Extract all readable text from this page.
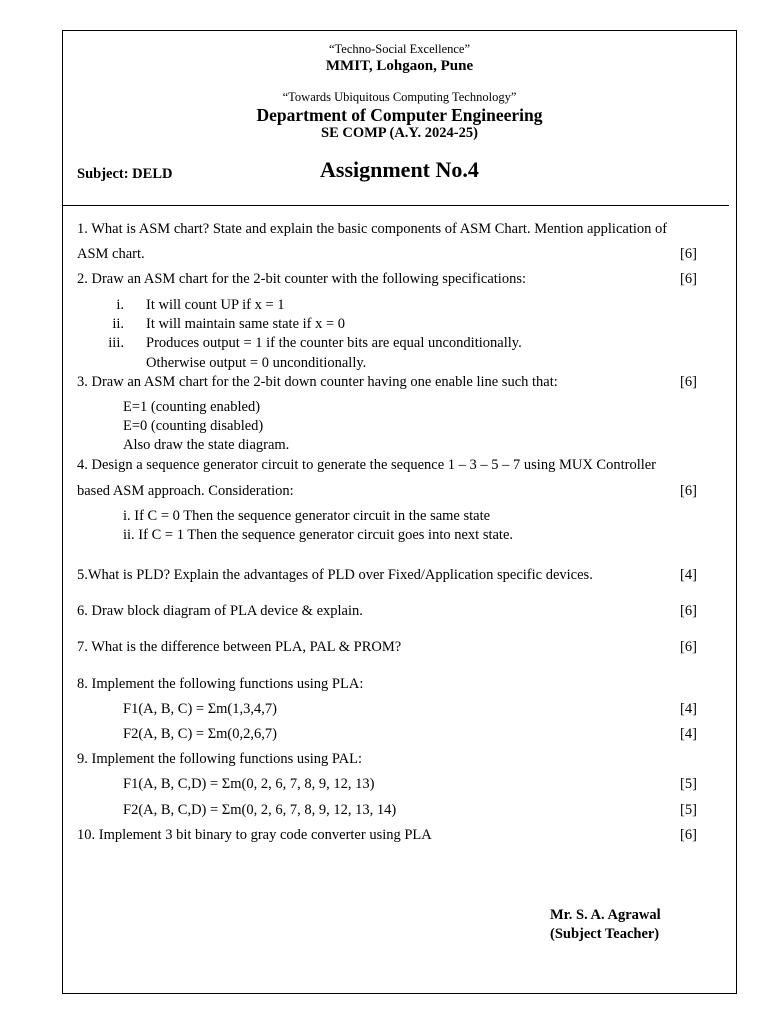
“Techno-Social Excellence”
MMIT, Lohgaon, Pune
“Towards Ubiquitous Computing Technology”
Department of Computer Engineering
SE COMP (A.Y. 2024-25)
Subject: DELD	Assignment No.4
1. What is ASM chart? State and explain the basic components of ASM Chart. Mention application of
ASM chart.	[6]
2. Draw an ASM chart for the 2-bit counter with the following specifications:	[6]
i. It will count UP if x = 1
ii. It will maintain same state if x = 0
iii. Produces output = 1 if the counter bits are equal unconditionally.
Otherwise output = 0 unconditionally.
3. Draw an ASM chart for the 2-bit down counter having one enable line such that:	[6]
E=1 (counting enabled)
E=0 (counting disabled)
Also draw the state diagram.
4. Design a sequence generator circuit to generate the sequence 1 – 3 – 5 – 7 using MUX Controller
based ASM approach. Consideration:	[6]
i. If C = 0 Then the sequence generator circuit in the same state
ii. If C = 1 Then the sequence generator circuit goes into next state.
5.What is PLD? Explain the advantages of PLD over Fixed/Application specific devices.	[4]
6. Draw block diagram of PLA device & explain.	[6]
7. What is the difference between PLA, PAL & PROM?	[6]
8. Implement the following functions using PLA:
F1(A, B, C) = Σm(1,3,4,7)	[4]
F2(A, B, C) = Σm(0,2,6,7)	[4]
9. Implement the following functions using PAL:
F1(A, B, C,D) = Σm(0, 2, 6, 7, 8, 9, 12, 13)	[5]
F2(A, B, C,D) = Σm(0, 2, 6, 7, 8, 9, 12, 13, 14)	[5]
10. Implement 3 bit binary to gray code converter using PLA	[6]
Mr. S. A. Agrawal
(Subject Teacher)
